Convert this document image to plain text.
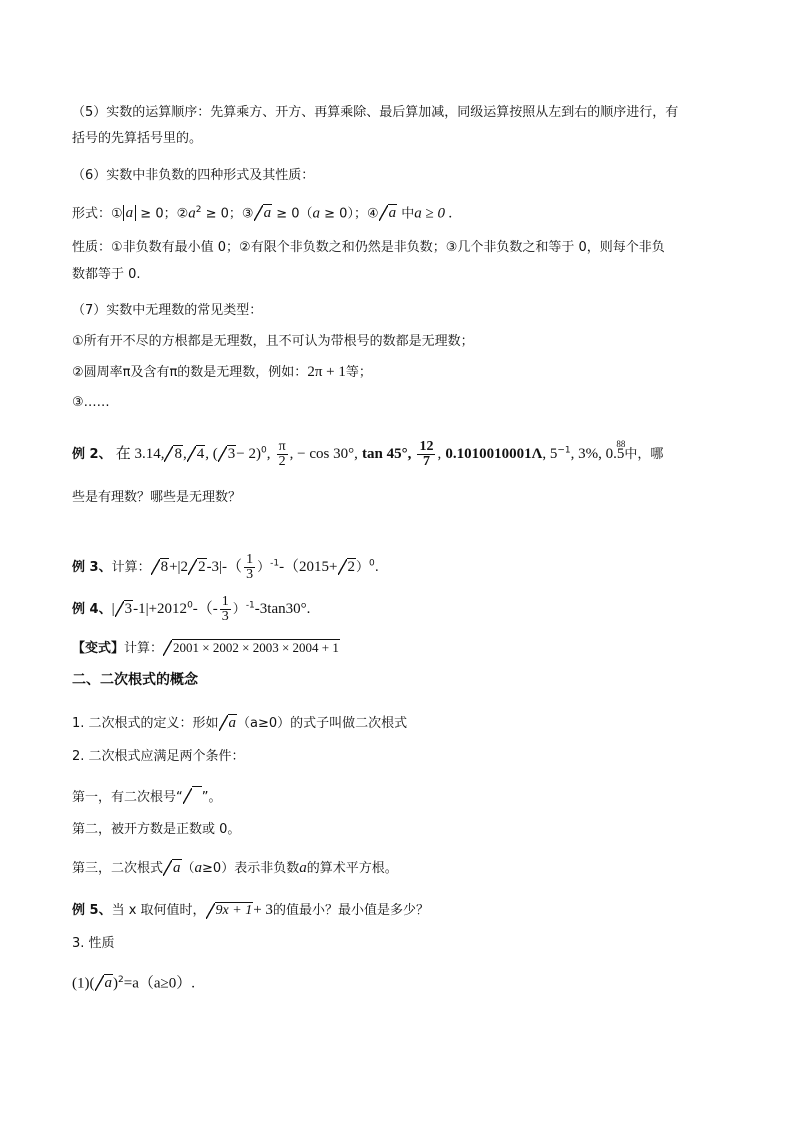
（5）实数的运算顺序：先算乘方、开方、再算乘除、最后算加减，同级运算按照从左到右的顺序进行，有
括号的先算括号里的。
（6）实数中非负数的四种形式及其性质：
形式：① a ≥ 0；$②a^2 \ge 0$；③ a ≥ 0（a ≥ 0）；④ a 中a ≥ 0 .
性质：①非负数有最小值 0；②有限个非负数之和仍然是非负数；③几个非负数之和等于 0，则每个非负
数都等于 0.
（7）实数中无理数的常见类型：
①所有开不尽的方根都是无理数，且不可认为带根号的数都是无理数；
②圆周率π及含有π的数是无理数，例如：2π + 1等；
③……
例 2、 在 3.14, 8, 4, ( 3− 2)$^0$, $\frac{\pi}{2}$ , − cos 30°, tan 45°, $\frac{12}{7}$ , 0.1010010001Λ, $5^{-1}$, 3%, 0.5
88
中，哪
些是有理数？哪些是无理数？
例 3、计算： 8+|2 $2-3|-( \frac{1}{3} )^{-1}-(2015+ 2)^0$.
例 4、| $3-1|+2012^0-(- \frac{1}{3} )^{-1}-3\tan 30^\circ$.
【变式】计算： 2001 × 2002 × 2003 × 2004 + 1
二、二次根式的概念
1. 二次根式的定义：形如 a（a≥0）的式子叫做二次根式
2. 二次根式应满足两个条件：
第一，有二次根号“ ”。
第二，被开方数是正数或 0。
第三，二次根式 a（a≥0）表示非负数a的算术平方根。
例 5、当 x 取何值时， 9x + 1+ 3的值最小？最小值是多少？
3. 性质
(1)( a)$^2$=a（a≥0）.
